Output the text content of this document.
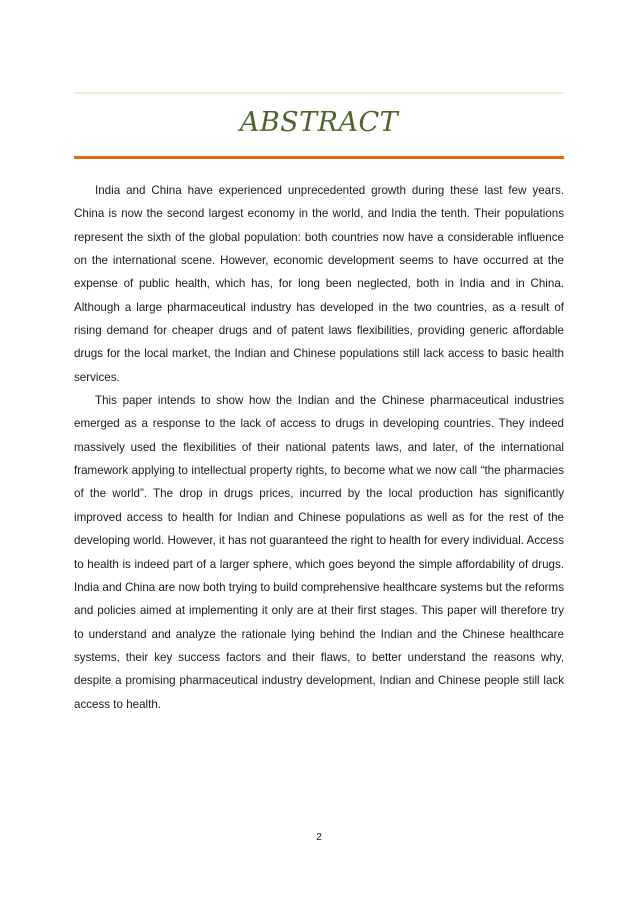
ABSTRACT

India and China have experienced unprecedented growth during these last few years. China is now the second largest economy in the world, and India the tenth. Their populations represent the sixth of the global population: both countries now have a considerable influence on the international scene. However, economic development seems to have occurred at the expense of public health, which has, for long been neglected, both in India and in China. Although a large pharmaceutical industry has developed in the two countries, as a result of rising demand for cheaper drugs and of patent laws flexibilities, providing generic affordable drugs for the local market, the Indian and Chinese populations still lack access to basic health services.

This paper intends to show how the Indian and the Chinese pharmaceutical industries emerged as a response to the lack of access to drugs in developing countries. They indeed massively used the flexibilities of their national patents laws, and later, of the international framework applying to intellectual property rights, to become what we now call “the pharmacies of the world”. The drop in drugs prices, incurred by the local production has significantly improved access to health for Indian and Chinese populations as well as for the rest of the developing world. However, it has not guaranteed the right to health for every individual. Access to health is indeed part of a larger sphere, which goes beyond the simple affordability of drugs. India and China are now both trying to build comprehensive healthcare systems but the reforms and policies aimed at implementing it only are at their first stages. This paper will therefore try to understand and analyze the rationale lying behind the Indian and the Chinese healthcare systems, their key success factors and their flaws, to better understand the reasons why, despite a promising pharmaceutical industry development, Indian and Chinese people still lack access to health.

2
